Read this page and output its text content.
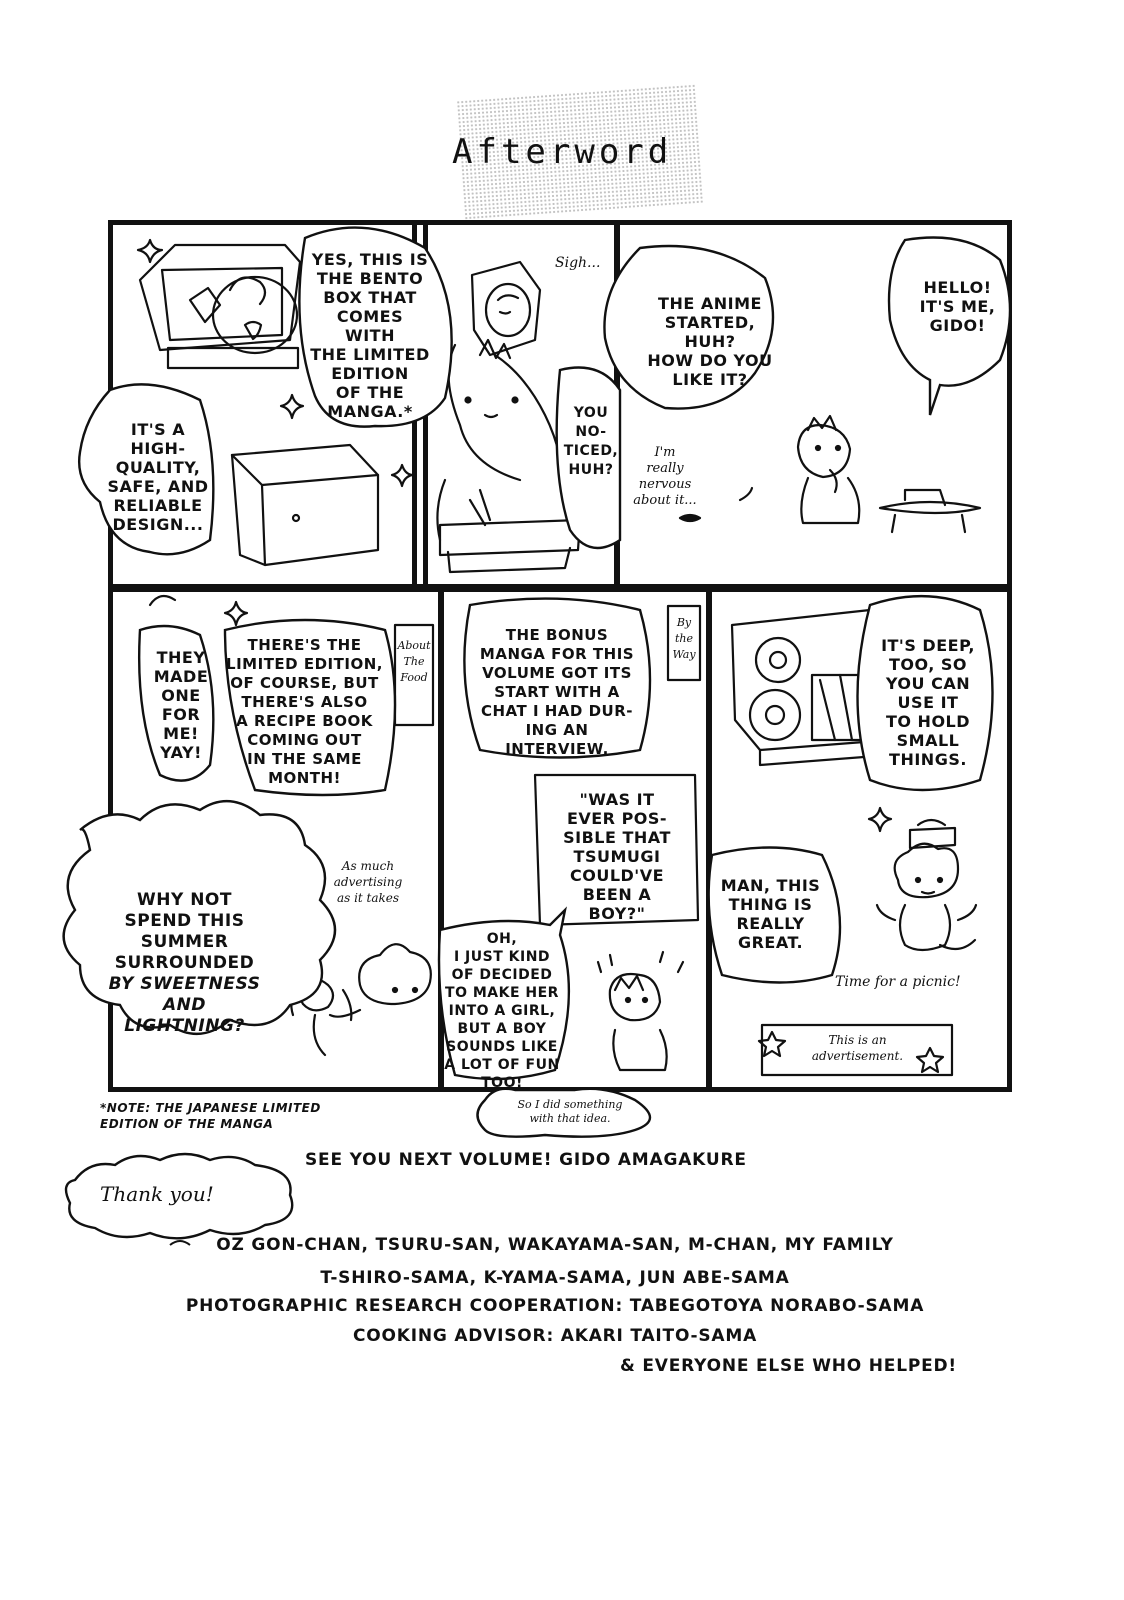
Afterword
YES, THIS IS
THE BENTO
BOX THAT
COMES WITH
THE LIMITED
EDITION
OF THE
MANGA.*
IT'S A
HIGH-
QUALITY,
SAFE, AND
RELIABLE
DESIGN...
Sigh...
YOU
NO-
TICED,
HUH?
THE ANIME
STARTED, HUH?
HOW DO YOU
LIKE IT?
HELLO!
IT'S ME,
GIDO!
I'm
really
nervous
about it...
About
The
Food
THEY
MADE
ONE
FOR
ME!
YAY!
THERE'S THE
LIMITED EDITION,
OF COURSE, BUT
THERE'S ALSO
A RECIPE BOOK
COMING OUT
IN THE SAME
MONTH!
WHY NOT
SPEND THIS
SUMMER
SURROUNDED
BY SWEETNESS
AND
LIGHTNING?
As much
advertising
as it takes
By
the
Way
THE BONUS
MANGA FOR THIS
VOLUME GOT ITS
START WITH A
CHAT I HAD DUR-
ING AN INTERVIEW.
"WAS IT
EVER POS-
SIBLE THAT
TSUMUGI
COULD'VE
BEEN A
BOY?"
OH,
I JUST KIND
OF DECIDED
TO MAKE HER
INTO A GIRL,
BUT A BOY
SOUNDS LIKE
A LOT OF FUN
TOO!
So I did something
with that idea.
IT'S DEEP,
TOO, SO
YOU CAN
USE IT
TO HOLD
SMALL
THINGS.
MAN, THIS
THING IS
REALLY
GREAT.
Time for a picnic!
This is an
advertisement.
*NOTE: THE JAPANESE LIMITED EDITION OF THE MANGA
SEE YOU NEXT VOLUME! GIDO AMAGAKURE
Thank you!
OZ GON-CHAN, TSURU-SAN, WAKAYAMA-SAN, M-CHAN, MY FAMILY
T-SHIRO-SAMA, K-YAMA-SAMA, JUN ABE-SAMA
PHOTOGRAPHIC RESEARCH COOPERATION: TABEGOTOYA NORABO-SAMA
COOKING ADVISOR: AKARI TAITO-SAMA
& EVERYONE ELSE WHO HELPED!
